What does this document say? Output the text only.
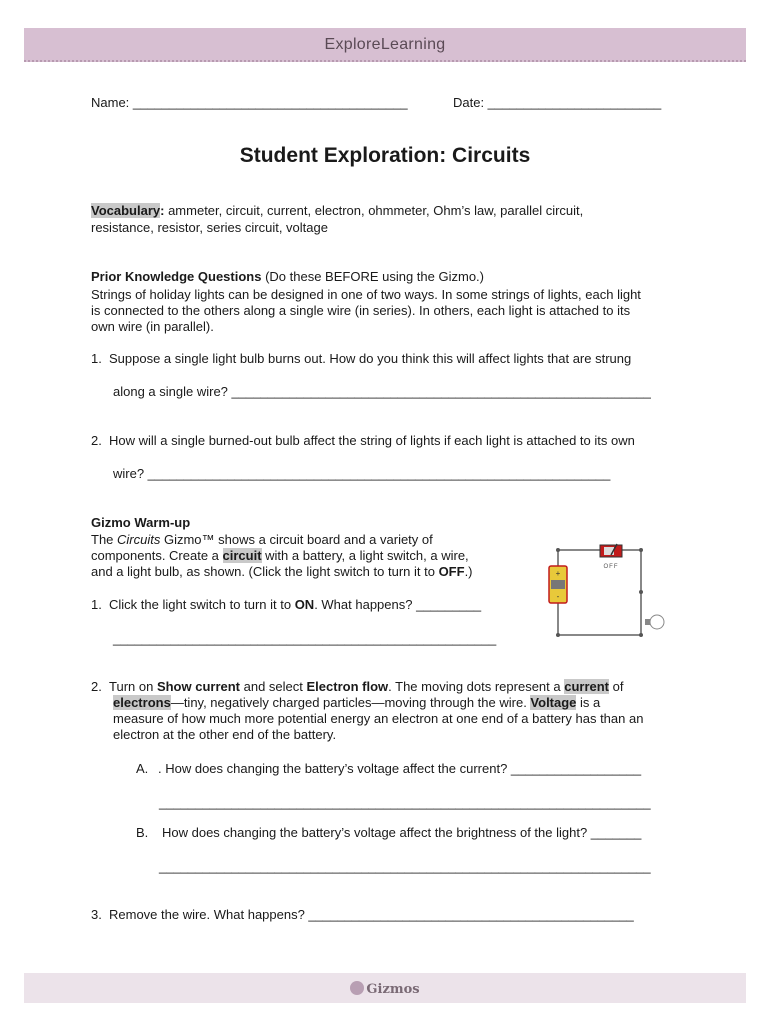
ExploreLearning
Name: ______________________________________	Date: ________________________
Student Exploration: Circuits
Vocabulary: ammeter, circuit, current, electron, ohmmeter, Ohm’s law, parallel circuit,
resistance, resistor, series circuit, voltage
Prior Knowledge Questions (Do these BEFORE using the Gizmo.)
Strings of holiday lights can be designed in one of two ways. In some strings of lights, each light
is connected to the others along a single wire (in series). In others, each light is attached to its
own wire (in parallel).
1. Suppose a single light bulb burns out. How do you think this will affect lights that are strung
along a single wire? __________________________________________________________
2. How will a single burned-out bulb affect the string of lights if each light is attached to its own
wire? ________________________________________________________________
Gizmo Warm-up
The Circuits Gizmo™ shows a circuit board and a variety of
components. Create a circuit with a battery, a light switch, a wire,
and a light bulb, as shown. (Click the light switch to turn it to OFF.)	+
-
OFF
1. Click the light switch to turn it to ON. What happens? _________
_____________________________________________________
2. Turn on Show current and select Electron flow. The moving dots represent a current of
electrons—tiny, negatively charged particles—moving through the wire. Voltage is a
measure of how much more potential energy an electron at one end of a battery has than an
electron at the other end of the battery.
A. . How does changing the battery’s voltage affect the current? __________________
____________________________________________________________________
B. How does changing the battery’s voltage affect the brightness of the light? _______
____________________________________________________________________
3. Remove the wire. What happens? _____________________________________________
Gizmos
